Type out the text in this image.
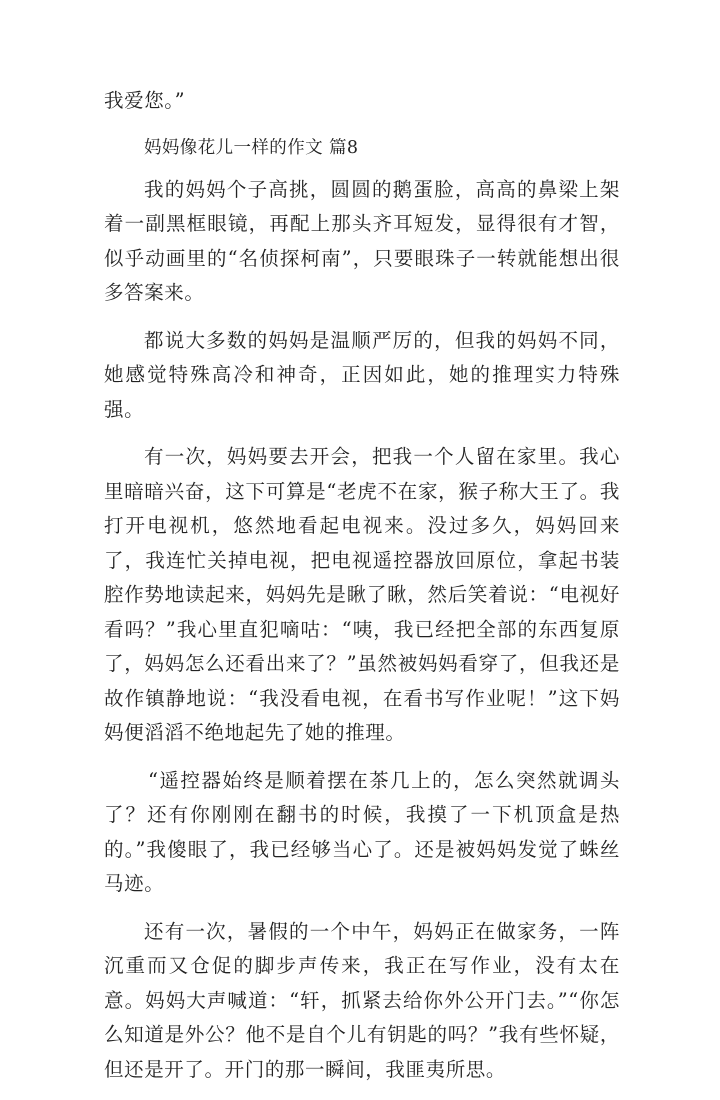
我爱您。”

妈妈像花儿一样的作文 篇8

我的妈妈个子高挑，圆圆的鹅蛋脸，高高的鼻梁上架着一副黑框眼镜，再配上那头齐耳短发，显得很有才智，似乎动画里的“名侦探柯南”，只要眼珠子一转就能想出很多答案来。

都说大多数的妈妈是温顺严厉的，但我的妈妈不同，她感觉特殊高冷和神奇，正因如此，她的推理实力特殊强。

有一次，妈妈要去开会，把我一个人留在家里。我心里暗暗兴奋，这下可算是“老虎不在家，猴子称大王了。我打开电视机，悠然地看起电视来。没过多久，妈妈回来了，我连忙关掉电视，把电视遥控器放回原位，拿起书装腔作势地读起来，妈妈先是瞅了瞅，然后笑着说：“电视好看吗？”我心里直犯嘀咕：“咦，我已经把全部的东西复原了，妈妈怎么还看出来了？”虽然被妈妈看穿了，但我还是故作镇静地说：“我没看电视，在看书写作业呢！”这下妈妈便滔滔不绝地起先了她的推理。

“遥控器始终是顺着摆在茶几上的，怎么突然就调头了？还有你刚刚在翻书的时候，我摸了一下机顶盒是热的。”我傻眼了，我已经够当心了。还是被妈妈发觉了蛛丝马迹。

还有一次，暑假的一个中午，妈妈正在做家务，一阵沉重而又仓促的脚步声传来，我正在写作业，没有太在意。妈妈大声喊道：“轩，抓紧去给你外公开门去。”“你怎么知道是外公？他不是自个儿有钥匙的吗？”我有些怀疑，但还是开了。开门的那一瞬间，我匪夷所思。
